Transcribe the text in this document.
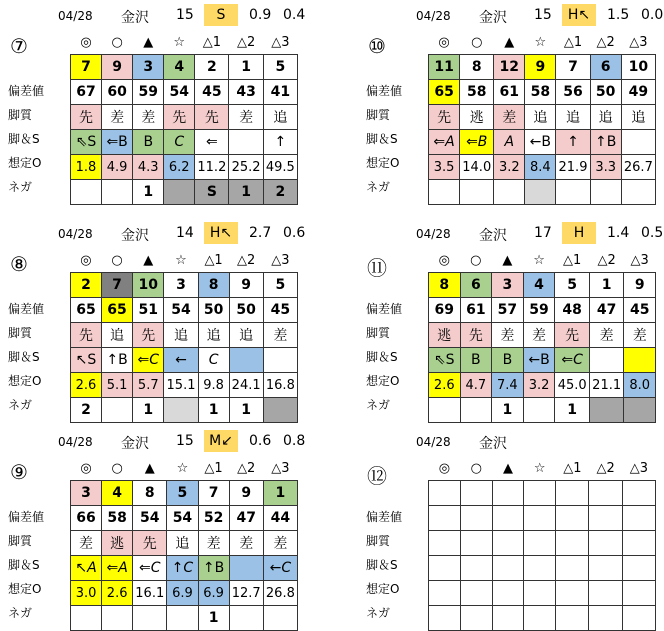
04/28 金沢 15	S	0.9 0.4
⑦	◎	○	▲	☆	△1	△2	△3
7	9	3	4	2	1	5
67	60	59	54	45	43	41
先	差	差	先	先	差	追
⇖S	⇐B	B	C	⇐		↑
1.8	4.9	4.3	6.2	11.2	25.2	49.5
		1		S	1	2
偏差値
脚質
脚＆S
想定O
ネガ
04/28 金沢 15	H↖	1.5 0.0
⑩	◎	○	▲	☆	△1	△2	△3
11	8	12	9	7	6	10
65	58	61	58	56	50	49
先	逃	差	追	追	追	追
⇐A	⇐B	A	←B	↑	↑B	
3.5	14.0	3.2	8.4	21.9	3.3	26.7

偏差値
脚質
脚＆S
想定O
ネガ
04/28 金沢 14	H↖	2.7 0.6
⑧	◎	○	▲	☆	△1	△2	△3
2	7	10	3	8	9	5
65	65	51	54	50	50	45
先	追	先	追	追	追	差
↖S	↑B	⇐C	←	C		
2.6	5.1	5.7	15.1	9.8	24.1	16.8
2		1		1	1	
偏差値
脚質
脚＆S
想定O
ネガ
04/28 金沢 17	H	1.4 0.5
⑪	◎	○	▲	☆	△1	△2	△3
8	6	3	4	5	1	9
69	61	57	59	48	47	45
逃	先	差	差	先	差	差
⇖S	B	B	←B	⇐C		
2.6	4.7	7.4	3.2	45.0	21.1	8.0
		1		1		
偏差値
脚質
脚＆S
想定O
ネガ
04/28 金沢 15	M↙	0.6 0.8
⑨	◎	○	▲	☆	△1	△2	△3
3	4	8	5	7	9	1
66	58	54	54	52	47	44
差	逃	先	追	差	差	差
↖A	⇐A	⇐C	↑C	↑B		←C
3.0	2.6	16.1	6.9	6.9	12.7	26.8
				1		
偏差値
脚質
脚＆S
想定O
ネガ
04/28 金沢
⑫	◎	○	▲	☆	△1	△2	△3

偏差値
脚質
脚＆S
想定O
ネガ
